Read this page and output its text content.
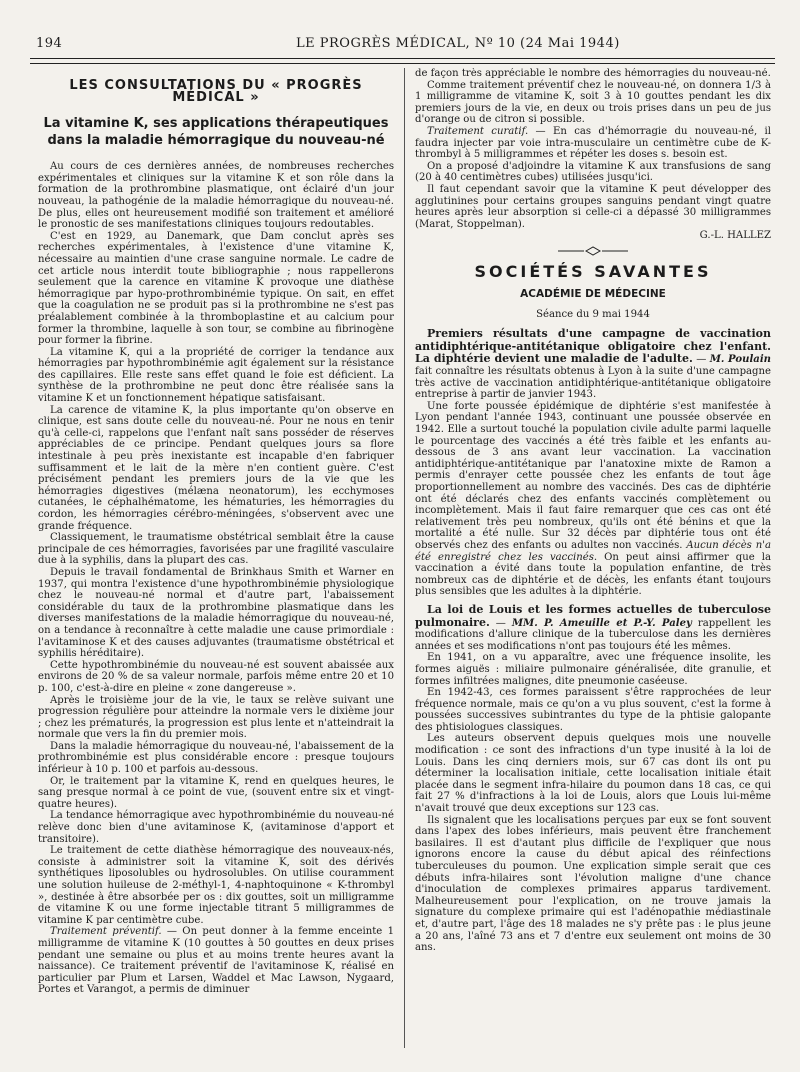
194	LE PROGRÈS MÉDICAL, Nº 10 (24 Mai 1944)
LES CONSULTATIONS DU « PROGRÈS MÉDICAL »
La vitamine K, ses applications thérapeutiques
dans la maladie hémorragique du nouveau-né

Au cours de ces dernières années, de nombreuses recherches expérimentales et cliniques sur la vitamine K et son rôle dans la formation de la prothrombine plasmatique, ont éclairé d'un jour nouveau, la pathogénie de la maladie hémorragique du nouveau-né. De plus, elles ont heureusement modifié son traitement et amélioré le pronostic de ses manifestations cliniques toujours redoutables.

C'est en 1929, au Danemark, que Dam conclut après ses recherches expérimentales, à l'existence d'une vitamine K, nécessaire au maintien d'une crase sanguine normale. Le cadre de cet article nous interdit toute bibliographie ; nous rappellerons seulement que la carence en vitamine K provoque une diathèse hémorragique par hypo-prothrombinémie typique. On sait, en effet que la coagulation ne se produit pas si la prothrombine ne s'est pas préalablement combinée à la thromboplastine et au calcium pour former la thrombine, laquelle à son tour, se combine au fibrinogène pour former la fibrine.

La vitamine K, qui a la propriété de corriger la tendance aux hémorragies par hypothrombinémie agit également sur la résistance des capillaires. Elle reste sans effet quand le foie est déficient. La synthèse de la prothrombine ne peut donc être réalisée sans la vitamine K et un fonctionnement hépatique satisfaisant.

La carence de vitamine K, la plus importante qu'on observe en clinique, est sans doute celle du nouveau-né. Pour ne nous en tenir qu'à celle-ci, rappelons que l'enfant naît sans posséder de réserves appréciables de ce principe. Pendant quelques jours sa flore intestinale à peu près inexistante est incapable d'en fabriquer suffisamment et le lait de la mère n'en contient guère. C'est précisément pendant les premiers jours de la vie que les hémorragies digestives (mélæna neonatorum), les ecchymoses cutanées, le céphalhématome, les hématuries, les hémorragies du cordon, les hémorragies cérébro-méningées, s'observent avec une grande fréquence.

Classiquement, le traumatisme obstétrical semblait être la cause principale de ces hémorragies, favorisées par une fragilité vasculaire due à la syphilis, dans la plupart des cas.

Depuis le travail fondamental de Brinkhaus Smith et Warner en 1937, qui montra l'existence d'une hypothrombinémie physiologique chez le nouveau-né normal et d'autre part, l'abaissement considérable du taux de la prothrombine plasmatique dans les diverses manifestations de la maladie hémorragique du nouveau-né, on a tendance à reconnaître à cette maladie une cause primordiale : l'avitaminose K et des causes adjuvantes (traumatisme obstétrical et syphilis héréditaire).

Cette hypothrombinémie du nouveau-né est souvent abaissée aux environs de 20 % de sa valeur normale, parfois même entre 20 et 10 p. 100, c'est-à-dire en pleine « zone dangereuse ».

Après le troisième jour de la vie, le taux se relève suivant une progression régulière pour atteindre la normale vers le dixième jour ; chez les prématurés, la progression est plus lente et n'atteindrait la normale que vers la fin du premier mois.

Dans la maladie hémorragique du nouveau-né, l'abaissement de la prothrombinémie est plus considérable encore : presque toujours inférieur à 10 p. 100 et parfois au-dessous.

Or, le traitement par la vitamine K, rend en quelques heures, le sang presque normal à ce point de vue, (souvent entre six et vingt-quatre heures).

La tendance hémorragique avec hypothrombinémie du nouveau-né relève donc bien d'une avitaminose K, (avitaminose d'apport et transitoire).

Le traitement de cette diathèse hémorragique des nouveaux-nés, consiste à administrer soit la vitamine K, soit des dérivés synthétiques liposolubles ou hydrosolubles. On utilise couramment une solution huileuse de 2-méthyl-1, 4-naphtoquinone « K-thrombyl », destinée à être absorbée per os : dix gouttes, soit un milligramme de vitamine K ou une forme injectable titrant 5 milligrammes de vitamine K par centimètre cube.

Traitement préventif. — On peut donner à la femme enceinte 1 milligramme de vitamine K (10 gouttes à 50 gouttes en deux prises pendant une semaine ou plus et au moins trente heures avant la naissance). Ce traitement préventif de l'avitaminose K, réalisé en particulier par Plum et Larsen, Waddel et Mac Lawson, Nygaard, Portes et Varangot, a permis de diminuer

de façon très appréciable le nombre des hémorragies du nouveau-né.

Comme traitement préventif chez le nouveau-né, on donnera 1/3 à 1 milligramme de vitamine K, soit 3 à 10 gouttes pendant les dix premiers jours de la vie, en deux ou trois prises dans un peu de jus d'orange ou de citron si possible.

Traitement curatif. — En cas d'hémorragie du nouveau-né, il faudra injecter par voie intra-musculaire un centimètre cube de K-thrombyl à 5 milligrammes et répéter les doses s. besoin est.

On a proposé d'adjoindre la vitamine K aux transfusions de sang (20 à 40 centimètres cubes) utilisées jusqu'ici.

Il faut cependant savoir que la vitamine K peut développer des agglutinines pour certains groupes sanguins pendant vingt quatre heures après leur absorption si celle-ci a dépassé 30 milligrammes (Marat, Stoppelman).

G.-L. HALLEZ

SOCIÉTÉS SAVANTES
ACADÉMIE DE MÉDECINE
Séance du 9 mai 1944

Premiers résultats d'une campagne de vaccination antidiphtérique-antitétanique obligatoire chez l'enfant. La diphtérie devient une maladie de l'adulte. — M. Poulain fait connaître les résultats obtenus à Lyon à la suite d'une campagne très active de vaccination antidiphtérique-antitétanique obligatoire entreprise à partir de janvier 1943.

Une forte poussée épidémique de diphtérie s'est manifestée à Lyon pendant l'année 1943, continuant une poussée observée en 1942. Elle a surtout touché la population civile adulte parmi laquelle le pourcentage des vaccinés a été très faible et les enfants au-dessous de 3 ans avant leur vaccination. La vaccination antidiphtérique-antitétanique par l'anatoxine mixte de Ramon a permis d'enrayer cette poussée chez les enfants de tout âge proportionnellement au nombre des vaccinés. Des cas de diphtérie ont été déclarés chez des enfants vaccinés complètement ou incomplètement. Mais il faut faire remarquer que ces cas ont été relativement très peu nombreux, qu'ils ont été bénins et que la mortalité a été nulle. Sur 32 décès par diphtérie tous ont été observés chez des enfants ou adultes non vaccinés. Aucun décès n'a été enregistré chez les vaccinés. On peut ainsi affirmer que la vaccination a évité dans toute la population enfantine, de très nombreux cas de diphtérie et de décès, les enfants étant toujours plus sensibles que les adultes à la diphtérie.

La loi de Louis et les formes actuelles de tuberculose pulmonaire. — MM. P. Ameuille et P.-Y. Paley rappellent les modifications d'allure clinique de la tuberculose dans les dernières années et ses modifications n'ont pas toujours été les mêmes.

En 1941, on a vu apparaître, avec une fréquence insolite, les formes aiguës : miliaire pulmonaire généralisée, dite granulie, et formes infiltrées malignes, dite pneumonie caséeuse.

En 1942-43, ces formes paraissent s'être rapprochées de leur fréquence normale, mais ce qu'on a vu plus souvent, c'est la forme à poussées successives subintrantes du type de la phtisie galopante des phtisiologues classiques.

Les auteurs observent depuis quelques mois une nouvelle modification : ce sont des infractions d'un type inusité à la loi de Louis. Dans les cinq derniers mois, sur 67 cas dont ils ont pu déterminer la localisation initiale, cette localisation initiale était placée dans le segment infra-hilaire du poumon dans 18 cas, ce qui fait 27 % d'infractions à la loi de Louis, alors que Louis lui-même n'avait trouvé que deux exceptions sur 123 cas.

Ils signalent que les localisations perçues par eux se font souvent dans l'apex des lobes inférieurs, mais peuvent être franchement basilaires. Il est d'autant plus difficile de l'expliquer que nous ignorons encore la cause du début apical des réinfections tuberculeuses du poumon. Une explication simple serait que ces débuts infra-hilaires sont l'évolution maligne d'une chance d'inoculation de complexes primaires apparus tardivement. Malheureusement pour l'explication, on ne trouve jamais la signature du complexe primaire qui est l'adénopathie médiastinale et, d'autre part, l'âge des 18 malades ne s'y prête pas : le plus jeune a 20 ans, l'aîné 73 ans et 7 d'entre eux seulement ont moins de 30 ans.
